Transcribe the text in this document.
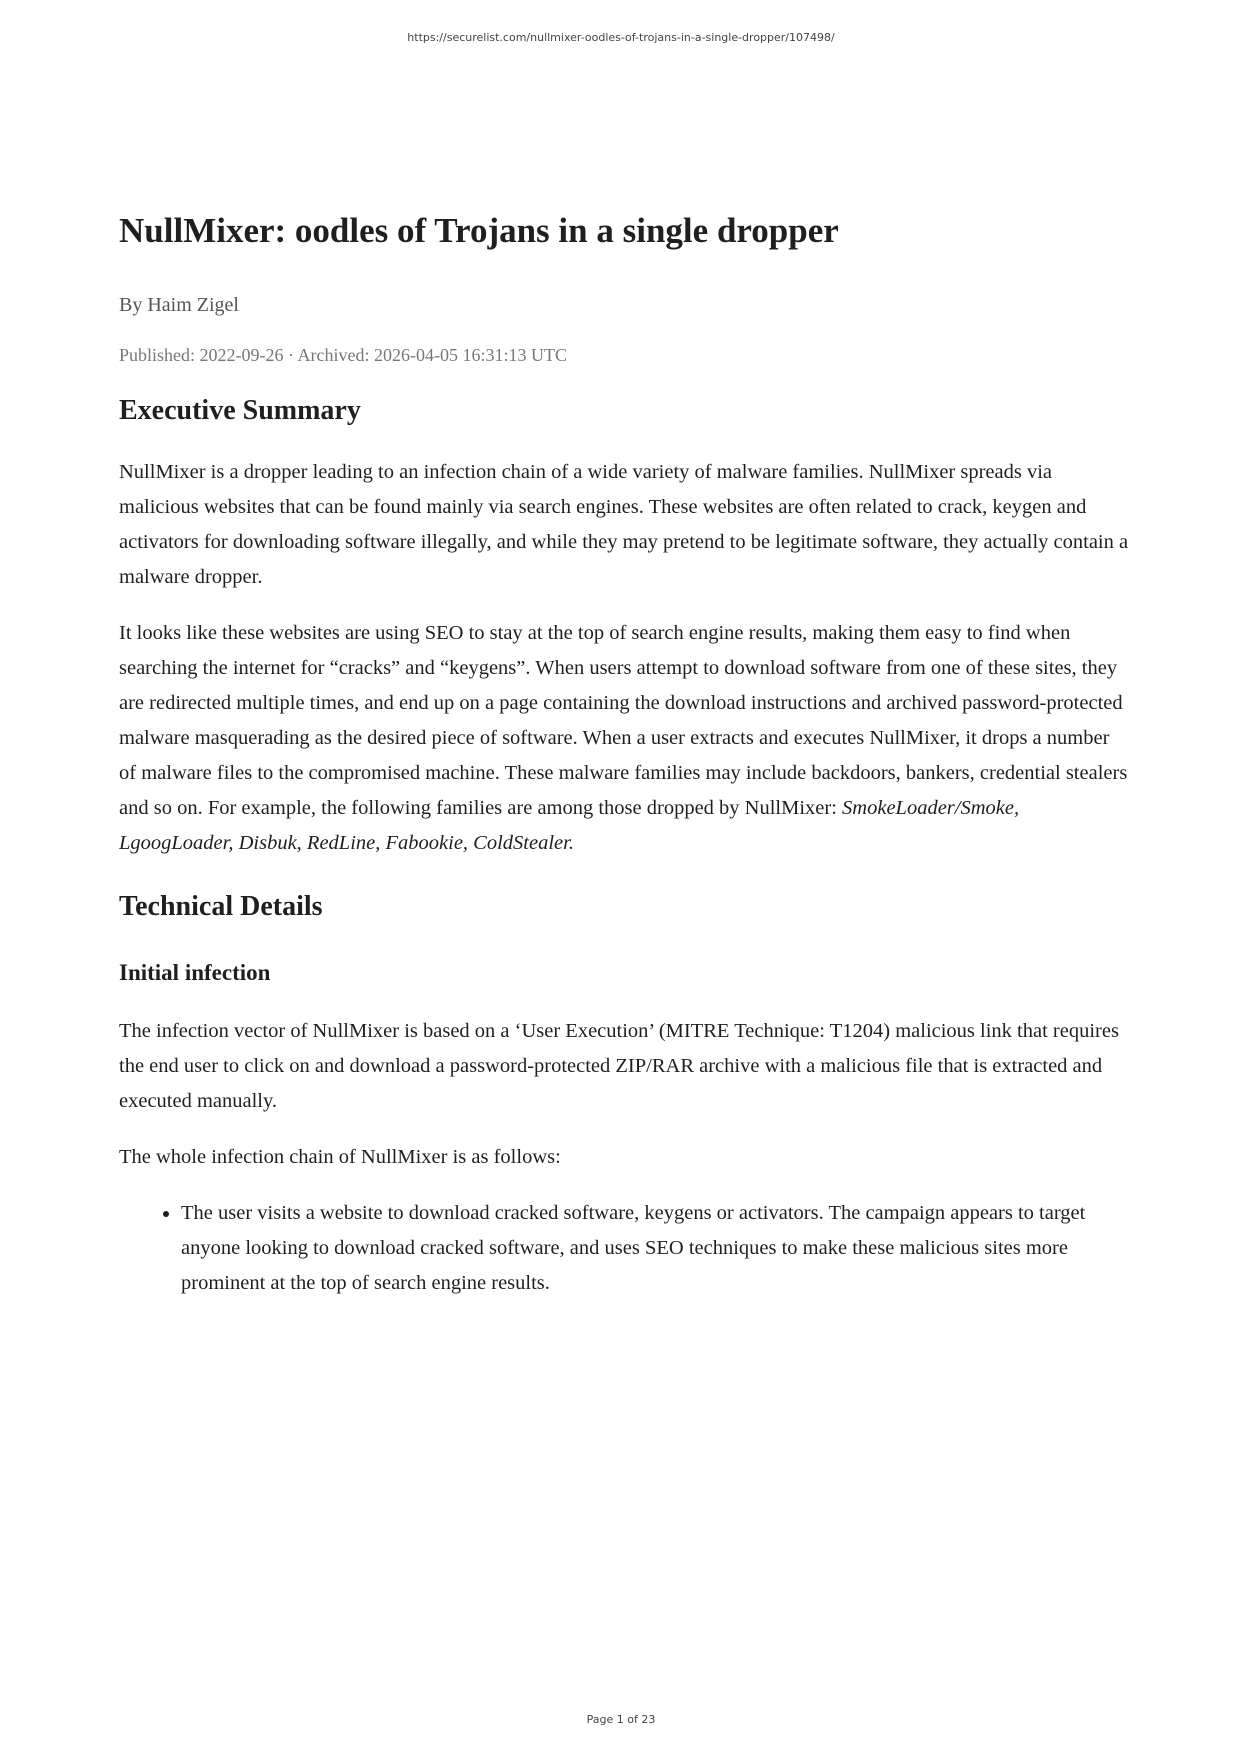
https://securelist.com/nullmixer-oodles-of-trojans-in-a-single-dropper/107498/
NullMixer: oodles of Trojans in a single dropper

By Haim Zigel

Published: 2022-09-26 · Archived: 2026-04-05 16:31:13 UTC

Executive Summary

NullMixer is a dropper leading to an infection chain of a wide variety of malware families. NullMixer spreads via malicious websites that can be found mainly via search engines. These websites are often related to crack, keygen and activators for downloading software illegally, and while they may pretend to be legitimate software, they actually contain a malware dropper.

It looks like these websites are using SEO to stay at the top of search engine results, making them easy to find when searching the internet for “cracks” and “keygens”. When users attempt to download software from one of these sites, they are redirected multiple times, and end up on a page containing the download instructions and archived password-protected malware masquerading as the desired piece of software. When a user extracts and executes NullMixer, it drops a number of malware files to the compromised machine. These malware families may include backdoors, bankers, credential stealers and so on. For example, the following families are among those dropped by NullMixer: SmokeLoader/Smoke, LgoogLoader, Disbuk, RedLine, Fabookie, ColdStealer.

Technical Details
Initial infection

The infection vector of NullMixer is based on a ‘User Execution’ (MITRE Technique: T1204) malicious link that requires the end user to click on and download a password-protected ZIP/RAR archive with a malicious file that is extracted and executed manually.

The whole infection chain of NullMixer is as follows:

• The user visits a website to download cracked software, keygens or activators. The campaign appears to target anyone looking to download cracked software, and uses SEO techniques to make these malicious sites more prominent at the top of search engine results.
Page 1 of 23
